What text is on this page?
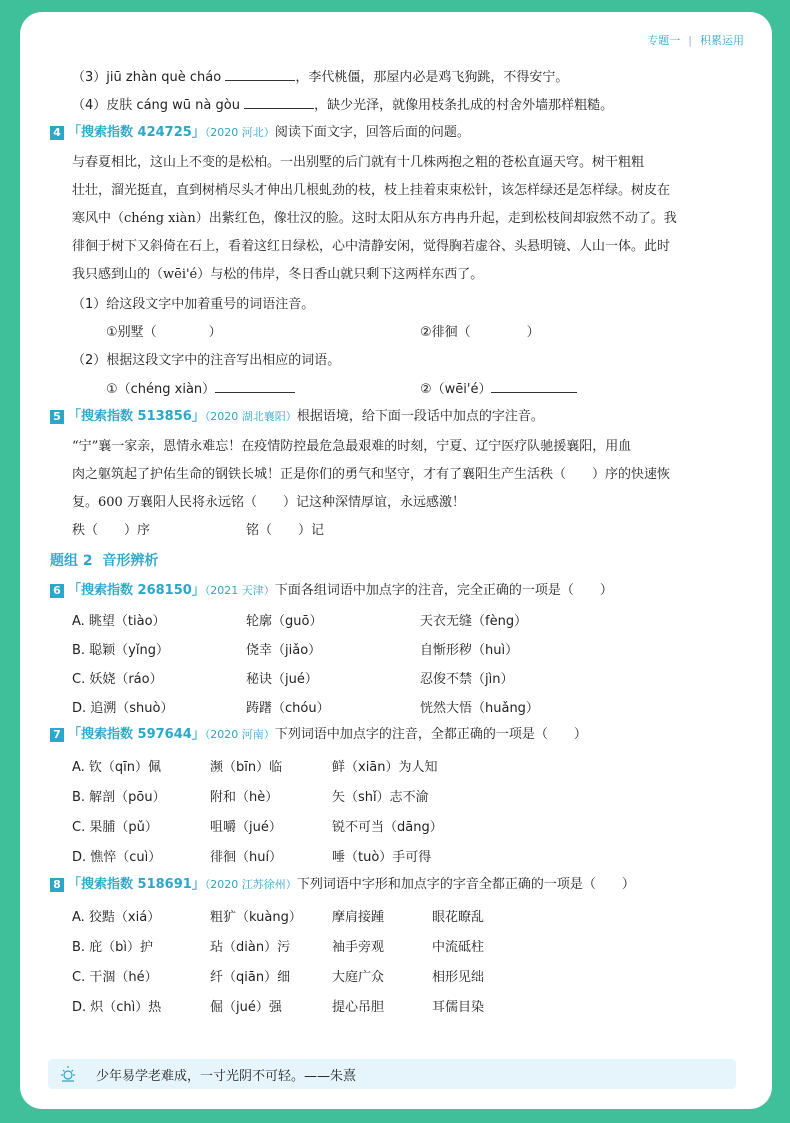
专题一 | 积累运用
（3）jiū zhàn què cháo	，李代桃僵，那屋内必是鸡飞狗跳，不得安宁。
（4）皮肤 cáng wū nà gòu	，缺少光泽，就像用枝条扎成的村舍外墙那样粗糙。
4 「搜索指数 424725」（2020 河北）阅读下面文字，回答后面的问题。
与春夏相比，这山上不变的是松柏。一出别墅的后门就有十几株两抱之粗的苍松直逼天穹。树干粗粗
壮壮，溜光挺直，直到树梢尽头才伸出几根虬劲的枝，枝上挂着束束松针，该怎样绿还是怎样绿。树皮在
寒风中（chéng xiàn）出紫红色，像壮汉的脸。这时太阳从东方冉冉升起，走到松枝间却寂然不动了。我
徘徊于树下又斜倚在石上，看着这红日绿松，心中清静安闲，觉得胸若虚谷、头悬明镜、人山一体。此时
我只感到山的（wēi'é）与松的伟岸，冬日香山就只剩下这两样东西了。
（1）给这段文字中加着重号的词语注音。
①别墅（	）	②徘徊（	）
（2）根据这段文字中的注音写出相应的词语。
①（chéng xiàn）	②（wēi'é）
5 「搜索指数 513856」（2020 湖北襄阳）根据语境，给下面一段话中加点的字注音。
“宁”襄一家亲，恩情永难忘！在疫情防控最危急最艰难的时刻，宁夏、辽宁医疗队驰援襄阳，用血
肉之躯筑起了护佑生命的钢铁长城！正是你们的勇气和坚守，才有了襄阳生产生活秩（　　）序的快速恢
复。600 万襄阳人民将永远铭（　　）记这种深情厚谊，永远感激！
秩（　　）序	铭（　　）记
题组 2 音形辨析
6 「搜索指数 268150」（2021 天津）下面各组词语中加点字的注音，完全正确的一项是（　　）
A. 眺望（tiào）	轮廓（guō）	天衣无缝（fèng）
B. 聪颖（yǐng）	侥幸（jiǎo）	自惭形秽（huì）
C. 妖娆（ráo）	秘诀（jué）	忍俊不禁（jìn）
D. 追溯（shuò）	踌躇（chóu）	恍然大悟（huǎng）
7 「搜索指数 597644」（2020 河南）下列词语中加点字的注音，全都正确的一项是（　　）
A. 钦（qīn）佩	濒（bīn）临	鲜（xiān）为人知
B. 解剖（pōu）	附和（hè）	矢（shǐ）志不渝
C. 果脯（pǔ）	咀嚼（jué）	锐不可当（dāng）
D. 憔悴（cuì）	徘徊（huí）	唾（tuò）手可得
8 「搜索指数 518691」（2020 江苏徐州）下列词语中字形和加点字的字音全都正确的一项是（　　）
A. 狡黠（xiá）	粗犷（kuàng） 摩肩接踵	眼花瞭乱
B. 庇（bì）护	玷（diàn）污	袖手旁观	中流砥柱
C. 干涸（hé）	纤（qiān）细	大庭广众	相形见绌
D. 炽（chì）热	倔（jué）强	提心吊胆	耳儒目染
少年易学老难成，一寸光阴不可轻。——朱熹
